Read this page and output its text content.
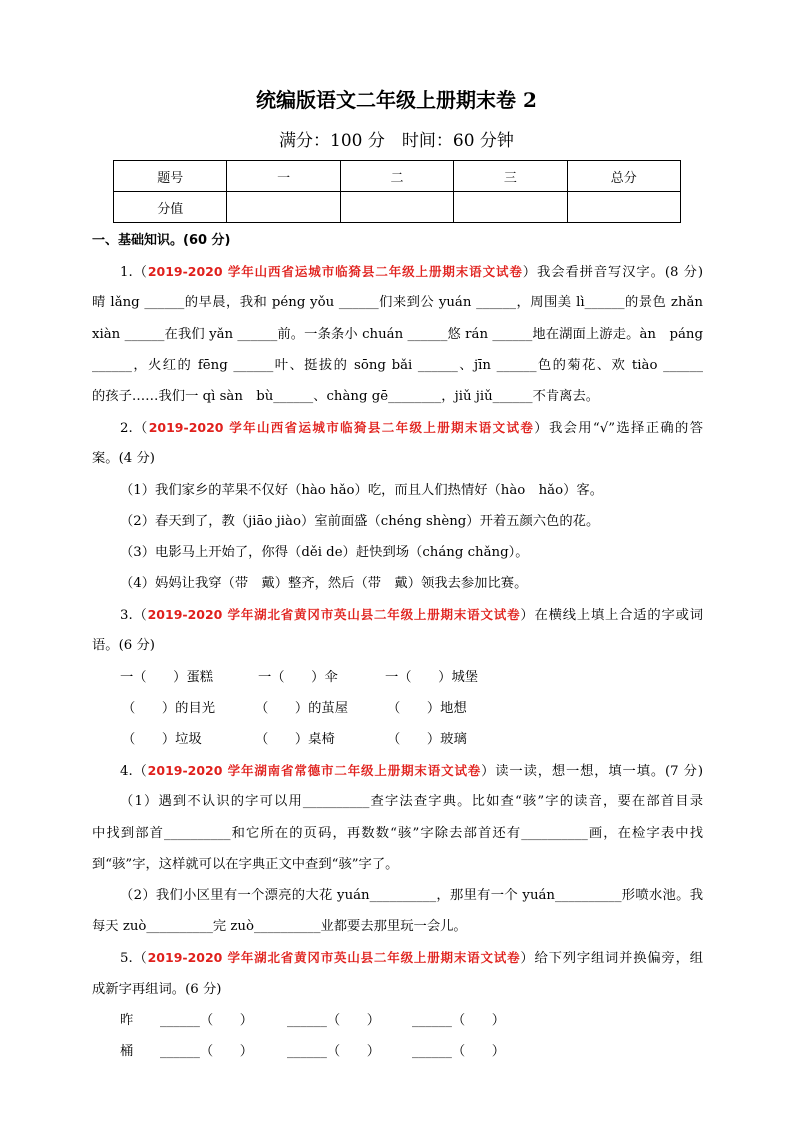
统编版语文二年级上册期末卷 2
满分：100 分　时间：60 分钟
题号	一	二	三	总分
分值				
一、基础知识。(60 分)
1.（2019-2020 学年山西省运城市临猗县二年级上册期末语文试卷）我会看拼音写汉字。(8 分)
晴 lǎng ______的早晨，我和 péng yǒu ______们来到公 yuán ______，周围美 lì______的景色 zhǎn
xiàn ______在我们 yǎn ______前。一条条小 chuán ______悠 rán ______地在湖面上游走。àn　páng
______，火红的 fēng ______叶、挺拔的 sōng bǎi ______、jīn ______色的菊花、欢 tiào ______
的孩子……我们一 qì sàn　bù______、chàng gē________，jiǔ jiǔ______不肯离去。
2.（2019-2020 学年山西省运城市临猗县二年级上册期末语文试卷）我会用“√”选择正确的答
案。(4 分)
（1）我们家乡的苹果不仅好（hào hǎo）吃，而且人们热情好（hào　hǎo）客。
（2）春天到了，教（jiāo jiào）室前面盛（chéng shèng）开着五颜六色的花。
（3）电影马上开始了，你得（děi de）赶快到场（cháng chǎng）。
（4）妈妈让我穿（带　戴）整齐，然后（带　戴）领我去参加比赛。
3.（2019-2020 学年湖北省黄冈市英山县二年级上册期末语文试卷）在横线上填上合适的字或词
语。(6 分)
一（　　）蛋糕	一（　　）伞	一（　　）城堡
（　　）的目光	（　　）的茧屋	（　　）地想
（　　）垃圾	（　　）桌椅	（　　）玻璃
4.（2019-2020 学年湖南省常德市二年级上册期末语文试卷）读一读，想一想，填一填。(7 分)
（1）遇到不认识的字可以用__________查字法查字典。比如查“骇”字的读音，要在部首目录
中找到部首__________和它所在的页码，再数数“骇”字除去部首还有__________画，在检字表中找
到“骇”字，这样就可以在字典正文中查到“骇”字了。
（2）我们小区里有一个漂亮的大花 yuán__________，那里有一个 yuán__________形喷水池。我
每天 zuò__________完 zuò__________业都要去那里玩一会儿。
5.（2019-2020 学年湖北省黄冈市英山县二年级上册期末语文试卷）给下列字组词并换偏旁，组
成新字再组词。(6 分)
昨 ______（　　）	______（　　） ______（　　）
桶 ______（　　）	______（　　） ______（　　）
